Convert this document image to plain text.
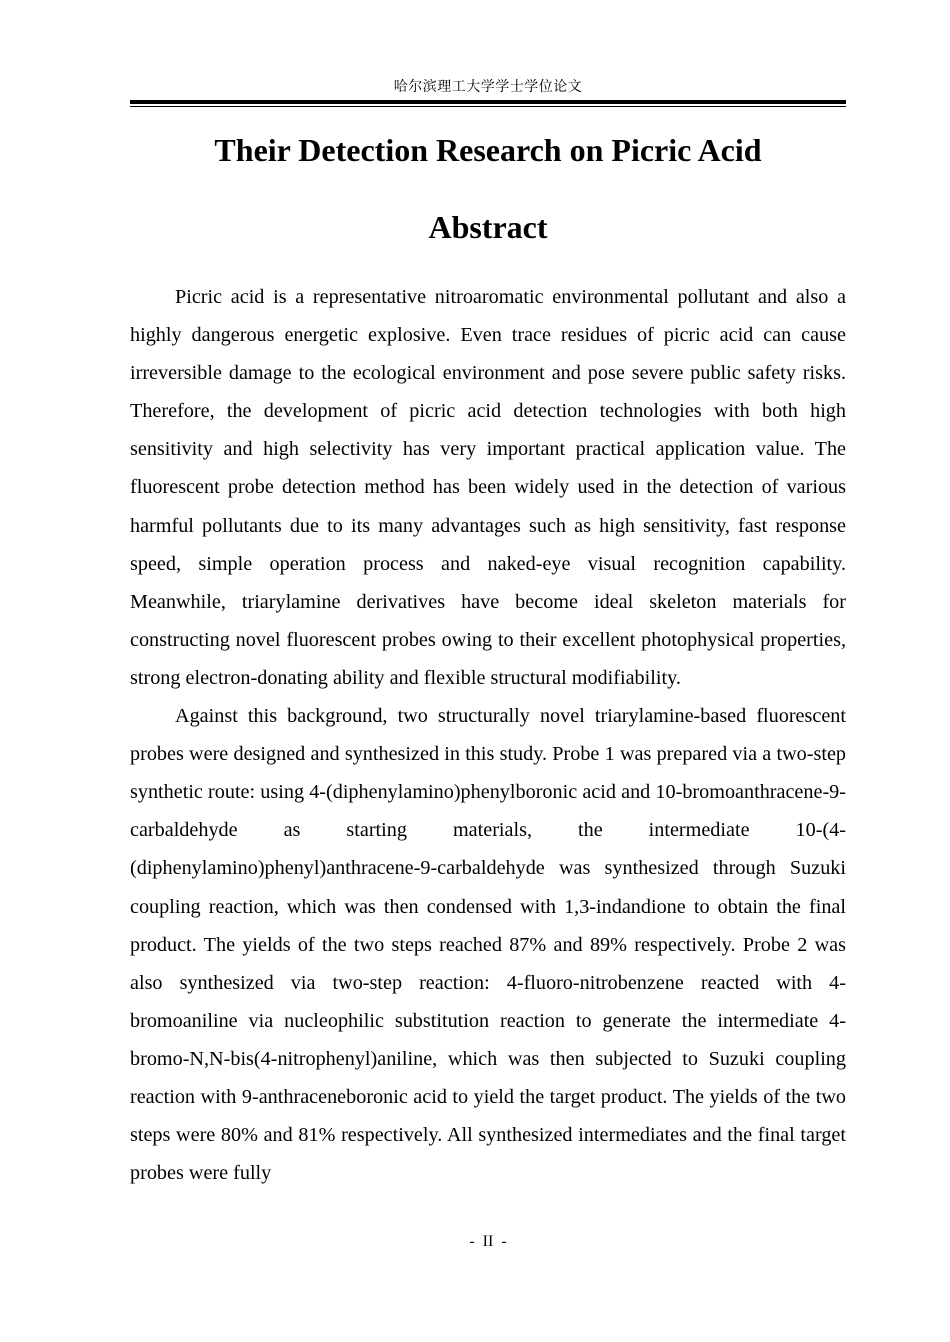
哈尔滨理工大学学士学位论文
Their Detection Research on Picric Acid
Abstract

Picric acid is a representative nitroaromatic environmental pollutant and also a highly dangerous energetic explosive. Even trace residues of picric acid can cause irreversible damage to the ecological environment and pose severe public safety risks. Therefore, the development of picric acid detection technologies with both high sensitivity and high selectivity has very important practical application value. The fluorescent probe detection method has been widely used in the detection of various harmful pollutants due to its many advantages such as high sensitivity, fast response speed, simple operation process and naked-eye visual recognition capability. Meanwhile, triarylamine derivatives have become ideal skeleton materials for constructing novel fluorescent probes owing to their excellent photophysical properties, strong electron-donating ability and flexible structural modifiability.

Against this background, two structurally novel triarylamine-based fluorescent probes were designed and synthesized in this study. Probe 1 was prepared via a two-step synthetic route: using 4-(diphenylamino)phenylboronic acid and 10-bromoanthracene-9-carbaldehyde as starting materials, the intermediate 10-(4-(diphenylamino)phenyl)anthracene-9-carbaldehyde was synthesized through Suzuki coupling reaction, which was then condensed with 1,3-indandione to obtain the final product. The yields of the two steps reached 87% and 89% respectively. Probe 2 was also synthesized via two-step reaction: 4-fluoro-nitrobenzene reacted with 4-bromoaniline via nucleophilic substitution reaction to generate the intermediate 4-bromo-N,N-bis(4-nitrophenyl)aniline, which was then subjected to Suzuki coupling reaction with 9-anthraceneboronic acid to yield the target product. The yields of the two steps were 80% and 81% respectively. All synthesized intermediates and the final target probes were fully

- II -
